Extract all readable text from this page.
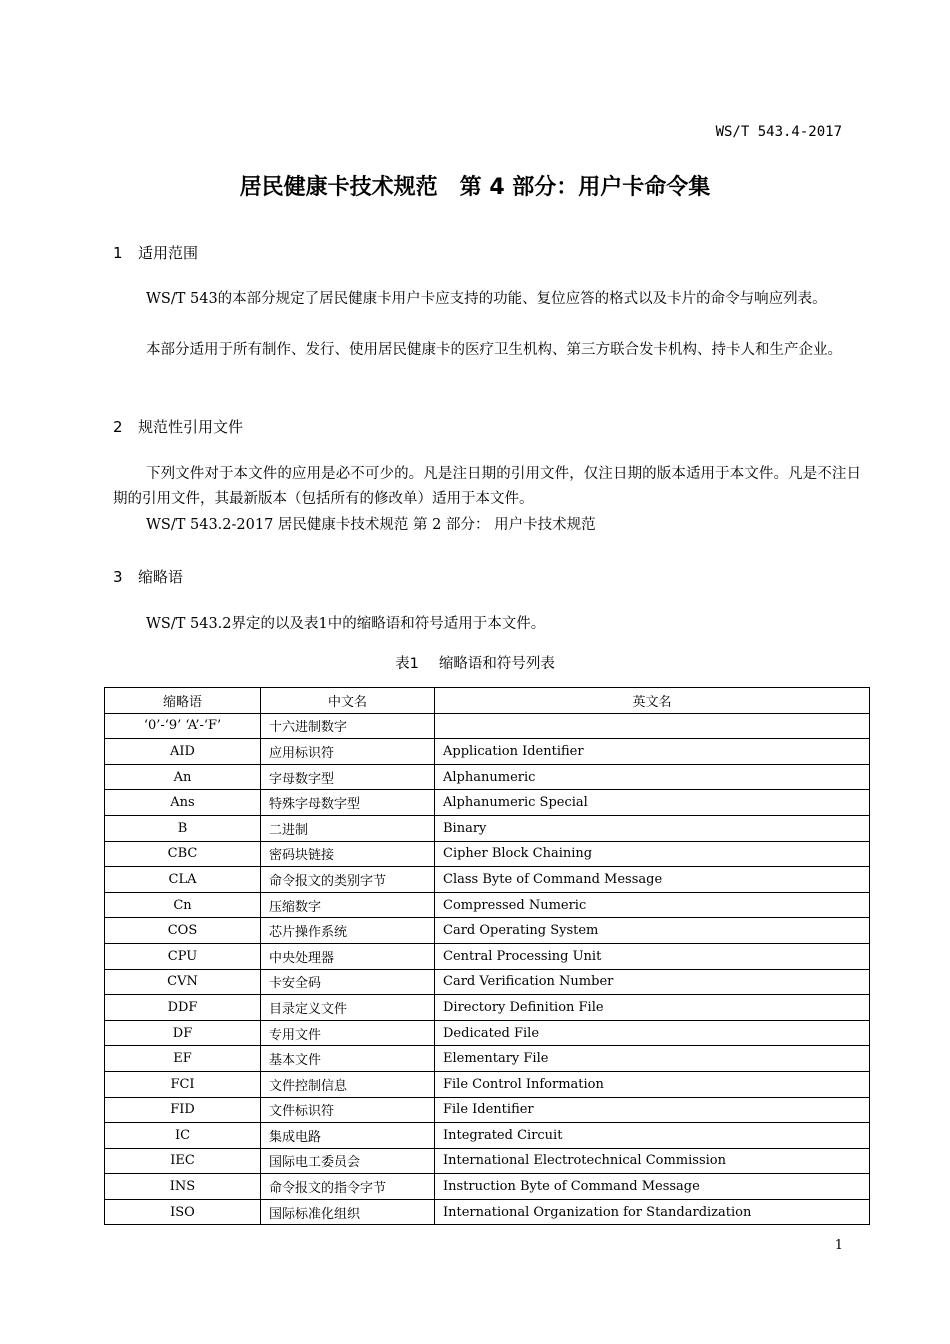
WS/T 543.4-2017
居民健康卡技术规范　第 4 部分：用户卡命令集
1 适用范围
WS/T 543的本部分规定了居民健康卡用户卡应支持的功能、复位应答的格式以及卡片的命令与响应列表。
本部分适用于所有制作、发行、使用居民健康卡的医疗卫生机构、第三方联合发卡机构、持卡人和生产企业。
2 规范性引用文件
下列文件对于本文件的应用是必不可少的。凡是注日期的引用文件，仅注日期的版本适用于本文件。凡是不注日期的引用文件，其最新版本（包括所有的修改单）适用于本文件。
WS/T 543.2-2017 居民健康卡技术规范 第 2 部分： 用户卡技术规范
3 缩略语
WS/T 543.2界定的以及表1中的缩略语和符号适用于本文件。
表1 缩略语和符号列表
缩略语	中文名	英文名
‘0’-‘9’ ‘A’-‘F’	十六进制数字	
AID	应用标识符	Application Identifier
An	字母数字型	Alphanumeric
Ans	特殊字母数字型	Alphanumeric Special
B	二进制	Binary
CBC	密码块链接	Cipher Block Chaining
CLA	命令报文的类别字节	Class Byte of Command Message
Cn	压缩数字	Compressed Numeric
COS	芯片操作系统	Card Operating System
CPU	中央处理器	Central Processing Unit
CVN	卡安全码	Card Verification Number
DDF	目录定义文件	Directory Definition File
DF	专用文件	Dedicated File
EF	基本文件	Elementary File
FCI	文件控制信息	File Control Information
FID	文件标识符	File Identifier
IC	集成电路	Integrated Circuit
IEC	国际电工委员会	International Electrotechnical Commission
INS	命令报文的指令字节	Instruction Byte of Command Message
ISO	国际标准化组织	International Organization for Standardization
1
